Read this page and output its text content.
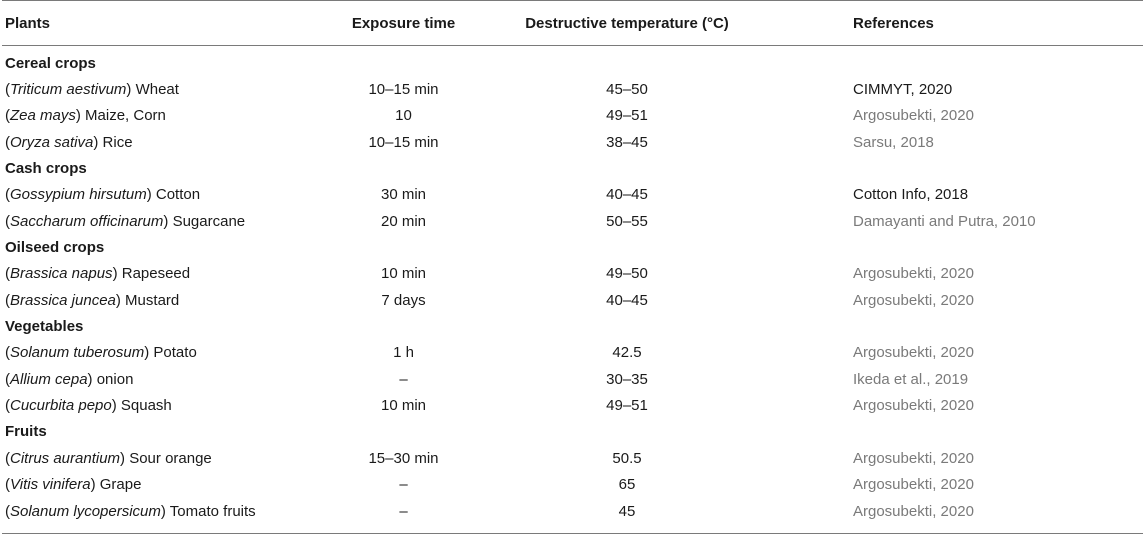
Plants	Exposure time	Destructive temperature (°C)	References
Cereal crops
(Triticum aestivum) Wheat	10–15 min	45–50	CIMMYT, 2020
(Zea mays) Maize, Corn	10	49–51	Argosubekti, 2020
(Oryza sativa) Rice	10–15 min	38–45	Sarsu, 2018
Cash crops
(Gossypium hirsutum) Cotton	30 min	40–45	Cotton Info, 2018
(Saccharum officinarum) Sugarcane	20 min	50–55	Damayanti and Putra, 2010
Oilseed crops
(Brassica napus) Rapeseed	10 min	49–50	Argosubekti, 2020
(Brassica juncea) Mustard	7 days	40–45	Argosubekti, 2020
Vegetables
(Solanum tuberosum) Potato	1 h	42.5	Argosubekti, 2020
(Allium cepa) onion	–	30–35	Ikeda et al., 2019
(Cucurbita pepo) Squash	10 min	49–51	Argosubekti, 2020
Fruits
(Citrus aurantium) Sour orange	15–30 min	50.5	Argosubekti, 2020
(Vitis vinifera) Grape	–	65	Argosubekti, 2020
(Solanum lycopersicum) Tomato fruits	–	45	Argosubekti, 2020
